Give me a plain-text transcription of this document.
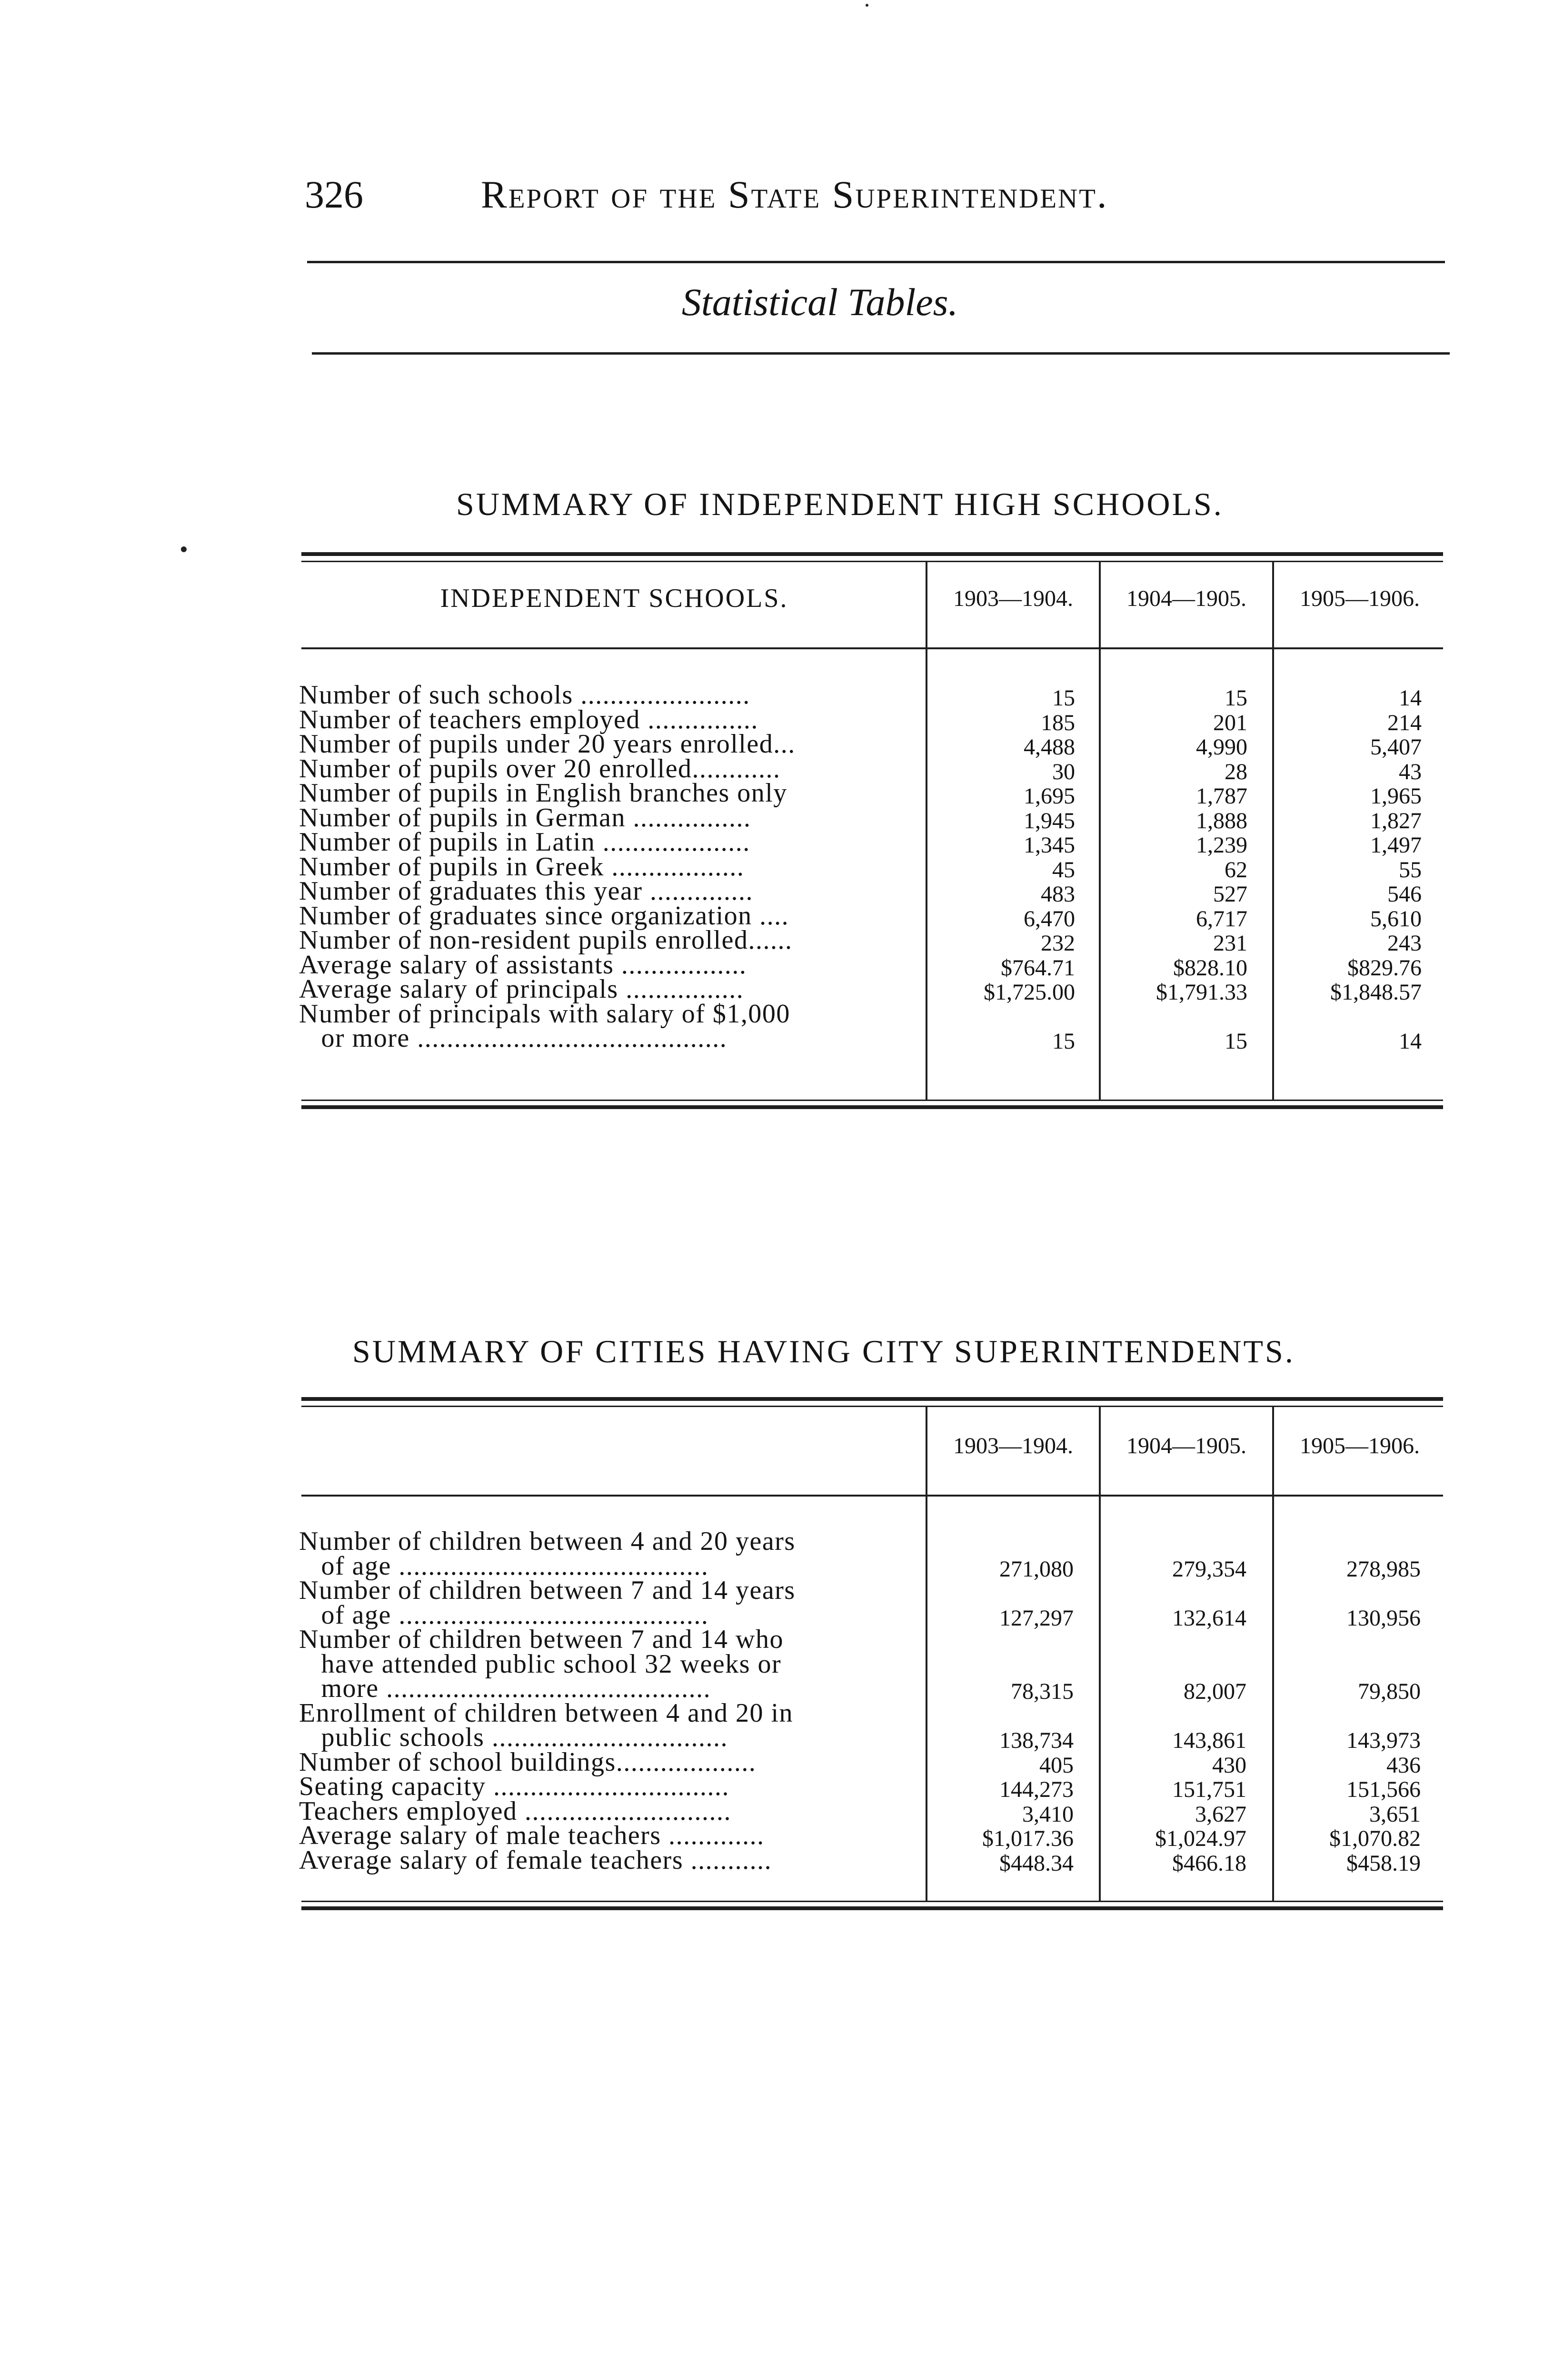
326	Report of the State Superintendent.
Statistical Tables.
SUMMARY OF INDEPENDENT HIGH SCHOOLS.
INDEPENDENT SCHOOLS.	1903—1904.	1904—1905.	1905—1906.
Number of such schools .......................	15	15	14
Number of teachers employed ...............	185	201	214
Number of pupils under 20 years enrolled...	4,488	4,990	5,407
Number of pupils over 20 enrolled............	30	28	43
Number of pupils in English branches only	1,695	1,787	1,965
Number of pupils in German ................	1,945	1,888	1,827
Number of pupils in Latin ....................	1,345	1,239	1,497
Number of pupils in Greek ..................	45	62	55
Number of graduates this year ..............	483	527	546
Number of graduates since organization ....	6,470	6,717	5,610
Number of non-resident pupils enrolled......	232	231	243
Average salary of assistants .................	$764.71	$828.10	$829.76
Average salary of principals ................	$1,725.00	$1,791.33	$1,848.57
Number of principals with salary of $1,000
or more ..........................................	15	15	14
SUMMARY OF CITIES HAVING CITY SUPERINTENDENTS.
1903—1904.	1904—1905.	1905—1906.
Number of children between 4 and 20 years
of age ..........................................	271,080	279,354	278,985
Number of children between 7 and 14 years
of age ..........................................	127,297	132,614	130,956
Number of children between 7 and 14 who
have attended public school 32 weeks or
more ............................................	78,315	82,007	79,850
Enrollment of children between 4 and 20 in
public schools ................................	138,734	143,861	143,973
Number of school buildings...................	405	430	436
Seating capacity ................................	144,273	151,751	151,566
Teachers employed ............................	3,410	3,627	3,651
Average salary of male teachers .............	$1,017.36	$1,024.97	$1,070.82
Average salary of female teachers ...........	$448.34	$466.18	$458.19
